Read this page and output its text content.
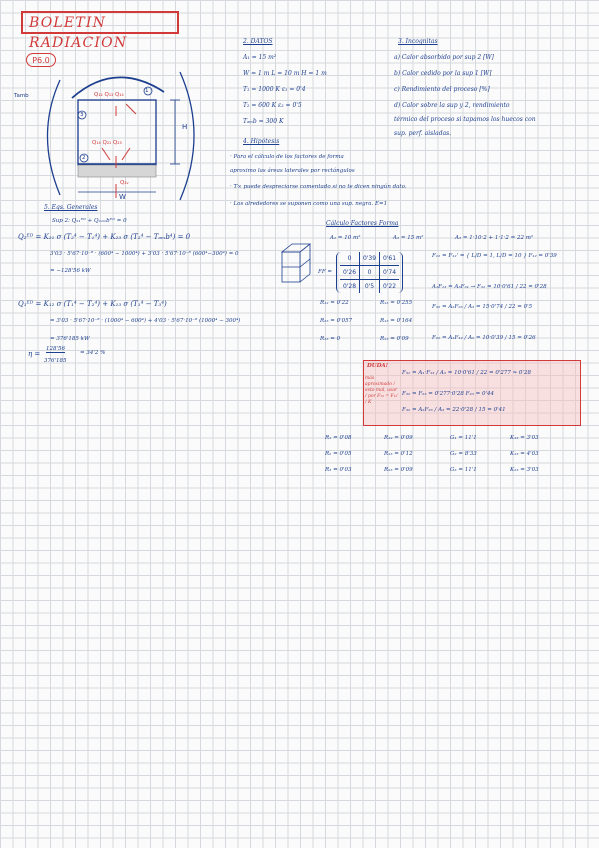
BOLETIN RADIACION
P6.0
Tamb	Q₁₂ Q₁₃ Q₁₄
Q₁₄ Q₂₁ Q₂₃
H
W
1
2
3
Q₂ᵥ
2. DATOS
A₁ = 15 m²
W = 1 m L = 10 m H = 1 m
T₁ = 1000 K ε₁ = 0'4
T₂ = 600 K ε₂ = 0'5
Tₐₘb = 300 K
3. Incognitas
a) Calor absorbido por sup 2 [W]
b) Calor cedido por la sup 1 [W]
c) Rendimiento del proceso [%]
d) Calor sobre la sup y 2, rendimiento
térmico del proceso si tapamos los huecos con
sup. perf. aisladas.
4. Hipótesis
· Para el cálculo de los factores de forma
aproximo las áreas laterales por rectángulos
· T∞ puede despreciarse comentado si no te dicen ningún dato.
· Los alrededores se suponen como una sup. negra. E=1
5. Eqs. Generales
Sup 2: Q₂₁ᴱᴰ + Q₂ₐₘbᴱᴰ = 0
Q₂ᴱᴰ = K₂₁ σ (T₂⁴ − T₁⁴) + K₂₃ σ (T₂⁴ − Tₐₘb⁴) = 0
3'03 · 5'67·10⁻⁸ · (600⁴ − 1000⁴) + 3'03 · 5'67·10⁻⁸ (600⁴−300⁴) = 0
= −128'56 kW
Q₁ᴱᴰ = K₁₂ σ (T₁⁴ − T₂⁴) + K₁₃ σ (T₁⁴ − T₃⁴)
= 3'03 · 5'67·10⁻⁸ · (1000⁴ − 600⁴) + 4'03 · 5'67·10⁻⁸ (1000⁴ − 300⁴)
= 376'185 kW
η =
128'56
376'185
= 34'2 %
Cálculo Factores Forma
A₁ = 10 m²	A₂ = 15 m²	A₃ = 1·10·2 + 1·1·2 = 22 m²
FF =
0	0'39	0'61
0'26	0	0'74
0'28	0'5	0'22
F₁₂ = F₁₂' = { L/D = 1, L/D = 10 } F₁₂ = 0'39
A₁F₁₃ = A₃F₃₁ → F₃₁ = 10·0'61 / 22 = 0'28
F₃₂ = A₂F₂₃ / A₃ = 15·0'74 / 22 = 0'5
F₂₁ = A₁F₁₂ / A₂ = 10·0'39 / 15 = 0'26
R₁₂ = 0'22	R₁₃ = 0'255
R₂₃ = 0'057	R₁₃ = 0'164
R₃₃ = 0	R₂₃ = 0'09
DUDA!
más aproximado / esto mal, usar / por F₁₃ = F₁₂' / K
F₃₁ = A₁·F₁₃ / A₃ = 10·0'61 / 22 = 0'277 ≈ 0'28
F₃₂ = F₂₃ = 0'277·0'28 F₂₃ = 0'44
F₃₂ = A₂F₂₃ / A₃ = 22·0'28 / 15 = 0'41
R₁ = 0'08	R₁₂ = 0'09	G₁ = 11'1	K₁₂ = 3'03
R₂ = 0'05	R₁₃ = 0'12	G₂ = 8'33	K₁₃ = 4'03
R₃ = 0'03	R₂₃ = 0'09	G₃ = 11'1	K₂₃ = 3'03
